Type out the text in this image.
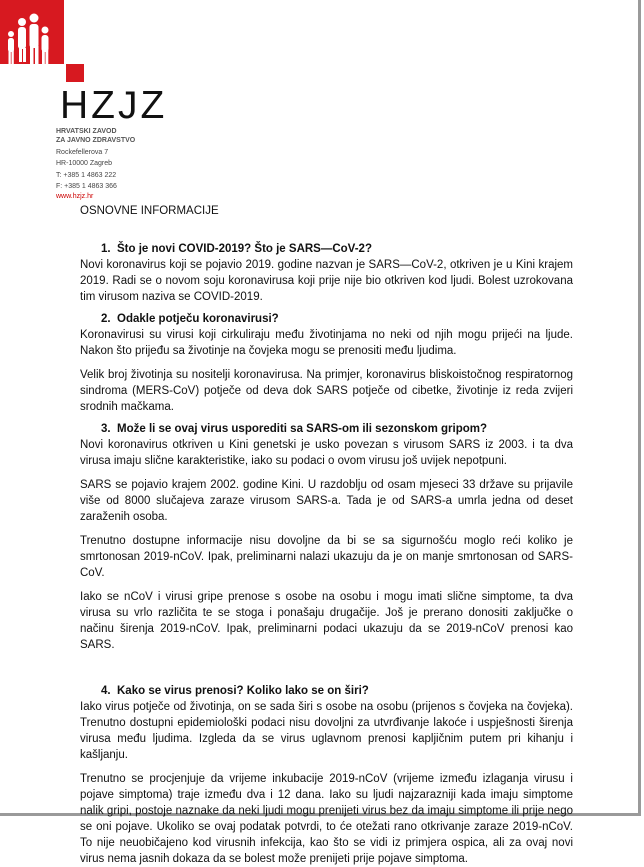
HZJZ
HRVATSKI ZAVOD
ZA JAVNO ZDRAVSTVO
Rockefellerova 7
HR-10000 Zagreb
T: +385 1 4863 222
F: +385 1 4863 366
www.hzjz.hr
OSNOVNE INFORMACIJE
1. Što je novi COVID-2019? Što je SARS—CoV-2?

Novi koronavirus koji se pojavio 2019. godine nazvan je SARS—CoV-2, otkriven je u Kini krajem 2019. Radi se o novom soju koronavirusa koji prije nije bio otkriven kod ljudi. Bolest uzrokovana tim virusom naziva se COVID-2019.

2. Odakle potječu koronavirusi?

Koronavirusi su virusi koji cirkuliraju među životinjama no neki od njih mogu prijeći na ljude. Nakon što prijeđu sa životinje na čovjeka mogu se prenositi među ljudima.

Velik broj životinja su nositelji koronavirusa. Na primjer, koronavirus bliskoistočnog respiratornog sindroma (MERS-CoV) potječe od deva dok SARS potječe od cibetke, životinje iz reda zvijeri srodnih mačkama.

3. Može li se ovaj virus usporediti sa SARS-om ili sezonskom gripom?

Novi koronavirus otkriven u Kini genetski je usko povezan s virusom SARS iz 2003. i ta dva virusa imaju slične karakteristike, iako su podaci o ovom virusu još uvijek nepotpuni.

SARS se pojavio krajem 2002. godine Kini. U razdoblju od osam mjeseci 33 države su prijavile više od 8000 slučajeva zaraze virusom SARS-a. Tada je od SARS-a umrla jedna od deset zaraženih osoba.

Trenutno dostupne informacije nisu dovoljne da bi se sa sigurnošću moglo reći koliko je smrtonosan 2019-nCoV. Ipak, preliminarni nalazi ukazuju da je on manje smrtonosan od SARS-CoV.

Iako se nCoV i virusi gripe prenose s osobe na osobu i mogu imati slične simptome, ta dva virusa su vrlo različita te se stoga i ponašaju drugačije. Još je prerano donositi zaključke o načinu širenja 2019-nCoV. Ipak, preliminarni podaci ukazuju da se 2019-nCoV prenosi kao SARS.

4. Kako se virus prenosi? Koliko lako se on širi?

Iako virus potječe od životinja, on se sada širi s osobe na osobu (prijenos s čovjeka na čovjeka). Trenutno dostupni epidemiološki podaci nisu dovoljni za utvrđivanje lakoće i uspješnosti širenja virusa među ljudima. Izgleda da se virus uglavnom prenosi kapljičnim putem pri kihanju i kašljanju.

Trenutno se procjenjuje da vrijeme inkubacije 2019-nCoV (vrijeme između izlaganja virusu i pojave simptoma) traje između dva i 12 dana. Iako su ljudi najzarazniji kada imaju simptome nalik gripi, postoje naznake da neki ljudi mogu prenijeti virus bez da imaju simptome ili prije nego se oni pojave. Ukoliko se ovaj podatak potvrdi, to će otežati rano otkrivanje zaraze 2019-nCoV. To nije neuobičajeno kod virusnih infekcija, kao što se vidi iz primjera ospica, ali za ovaj novi virus nema jasnih dokaza da se bolest može prenijeti prije pojave simptoma.
